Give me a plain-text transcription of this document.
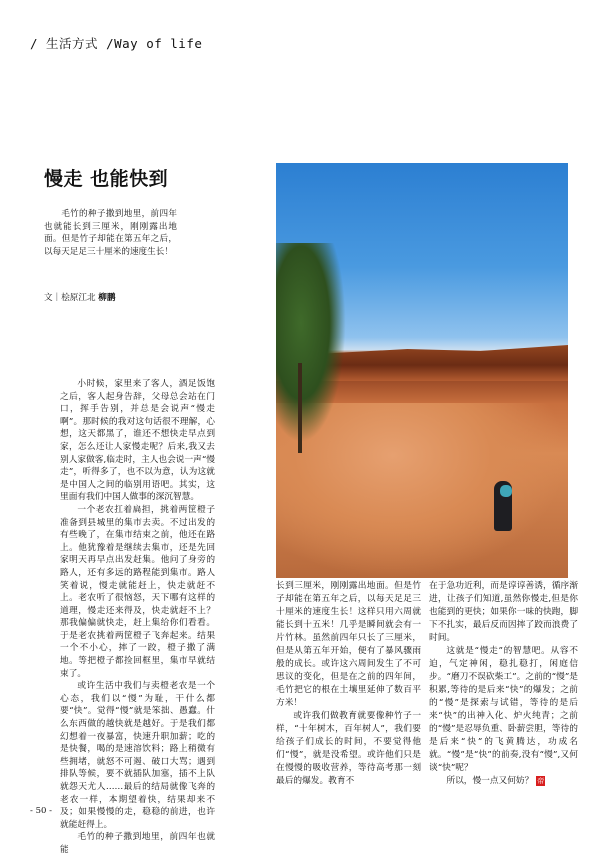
/ 生活方式 /Way of life
慢走 也能快到
毛竹的种子撒到地里，前四年也就能长到三厘米，刚刚露出地面。但是竹子却能在第五年之后，以每天足足三十厘米的速度生长！
文｜桧原江北 柳鹏

小时候，家里来了客人，酒足饭饱之后，客人起身告辞，父母总会站在门口，挥手告别，并总是会说声“慢走啊”。那时候的我对这句话很不理解，心想，这天都黑了，谁还不想快走早点到家，怎么还让人家慢走呢？后来,我又去别人家做客,临走时，主人也会说一声“慢走”，听得多了，也不以为意，认为这就是中国人之间的临别用语吧。其实，这里面有我们中国人做事的深沉智慧。

一个老农扛着扁担，挑着两筐橙子准备到县城里的集市去卖。不过出发的有些晚了，在集市结束之前，他还在路上。他犹豫着是继续去集市，还是先回家明天再早点出发赶集。他问了身旁的路人，还有多远的路程能到集市。路人笑着说，慢走就能赶上，快走就赶不上。老农听了很恼怒，天下哪有这样的道理，慢走还来得及，快走就赶不上？那我偏偏就快走，赶上集给你们看看。于是老农挑着两筐橙子飞奔起来。结果一个不小心，摔了一跤，橙子撒了满地。等把橙子都捡回框里，集市早就结束了。

或许生活中我们与卖橙老农是一个心态，我们以“慢”为耻，干什么都要“快”。觉得“慢”就是笨拙、愚蠢。什么东西做的越快就是越好。于是我们都幻想着一夜暴富，快速升职加薪；吃的是快餐，喝的是速溶饮料；路上稍微有些拥堵，就怒不可遏、破口大骂；遇到排队等候，要不就插队加塞，插不上队就怨天尤人……最后的结局就像飞奔的老农一样，本期望着快，结果却来不及；如果慢慢的走，稳稳的前进，也许就能赶得上。

毛竹的种子撒到地里，前四年也就能

长到三厘米，刚刚露出地面。但是竹子却能在第五年之后，以每天足足三十厘米的速度生长！这样只用六周就能长到十五米！几乎是瞬间就会有一片竹林。虽然前四年只长了三厘米，但是从第五年开始，便有了暴风骤雨般的成长。或许这六周间发生了不可思议的变化，但是在之前的四年间，毛竹把它的根在土壤里延伸了数百平方米！

或许我们做教育就要像种竹子一样，“十年树木，百年树人”，我们要给孩子们成长的时间，不要觉得他们“慢”，就是没希望。或许他们只是在慢慢的吸收营养，等待高考那一刻最后的爆发。教育不

在于急功近利，而是谆谆善诱，循序渐进，让孩子们知道,虽然你慢走,但是你也能到的更快；如果你一味的快跑，脚下不扎实，最后反而因摔了跤而浪费了时间。

这就是“慢走”的智慧吧。从容不迫，气定神闲，稳扎稳打，闲庭信步。“磨刀不误砍柴工”。之前的“慢”是积累,等待的是后来“快”的爆发；之前的“慢”是探索与试错，等待的是后来“快”的出神入化、炉火纯青；之前的“慢”是忍辱负重、卧薪尝胆，等待的是后来“快”的飞黄腾达，功成名就。“慢”是“快”的前奏,没有“慢”,又何谈“快”呢？

所以，慢一点又何妨？ 帝

- 50 -
